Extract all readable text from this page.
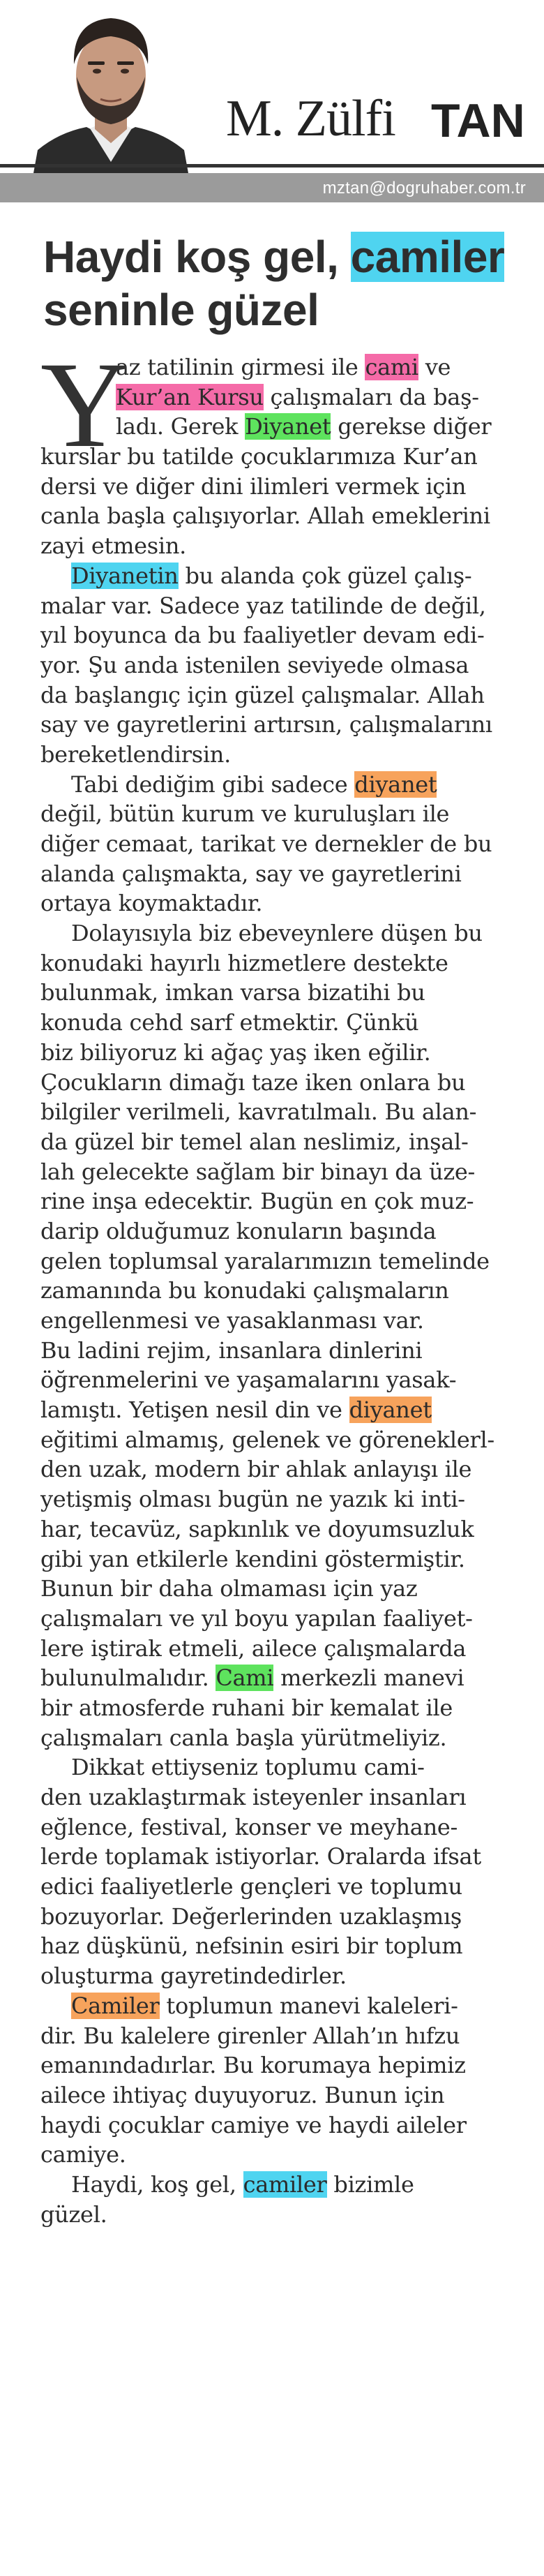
M. Zülfi TAN
mztan@dogruhaber.com.tr
Haydi koş gel, camiler
seninle güzel
Y
az tatilinin girmesi ile cami ve
Kur’an Kursu çalışmaları da baş-
ladı. Gerek Diyanet gerekse diğer
kurslar bu tatilde çocuklarımıza Kur’an
dersi ve diğer dini ilimleri vermek için
canla başla çalışıyorlar. Allah emeklerini
zayi etmesin.
Diyanetin bu alanda çok güzel çalış-
malar var. Sadece yaz tatilinde de değil,
yıl boyunca da bu faaliyetler devam edi-
yor. Şu anda istenilen seviyede olmasa
da başlangıç için güzel çalışmalar. Allah
say ve gayretlerini artırsın, çalışmalarını
bereketlendirsin.
Tabi dediğim gibi sadece diyanet
değil, bütün kurum ve kuruluşları ile
diğer cemaat, tarikat ve dernekler de bu
alanda çalışmakta, say ve gayretlerini
ortaya koymaktadır.
Dolayısıyla biz ebeveynlere düşen bu
konudaki hayırlı hizmetlere destekte
bulunmak, imkan varsa bizatihi bu
konuda cehd sarf etmektir. Çünkü
biz biliyoruz ki ağaç yaş iken eğilir.
Çocukların dimağı taze iken onlara bu
bilgiler verilmeli, kavratılmalı. Bu alan-
da güzel bir temel alan neslimiz, inşal-
lah gelecekte sağlam bir binayı da üze-
rine inşa edecektir. Bugün en çok muz-
darip olduğumuz konuların başında
gelen toplumsal yaralarımızın temelinde
zamanında bu konudaki çalışmaların
engellenmesi ve yasaklanması var.
Bu ladini rejim, insanlara dinlerini
öğrenmelerini ve yaşamalarını yasak-
lamıştı. Yetişen nesil din ve diyanet
eğitimi almamış, gelenek ve göreneklerl-
den uzak, modern bir ahlak anlayışı ile
yetişmiş olması bugün ne yazık ki inti-
har, tecavüz, sapkınlık ve doyumsuzluk
gibi yan etkilerle kendini göstermiştir.
Bunun bir daha olmaması için yaz
çalışmaları ve yıl boyu yapılan faaliyet-
lere iştirak etmeli, ailece çalışmalarda
bulunulmalıdır. Cami merkezli manevi
bir atmosferde ruhani bir kemalat ile
çalışmaları canla başla yürütmeliyiz.
Dikkat ettiyseniz toplumu cami-
den uzaklaştırmak isteyenler insanları
eğlence, festival, konser ve meyhane-
lerde toplamak istiyorlar. Oralarda ifsat
edici faaliyetlerle gençleri ve toplumu
bozuyorlar. Değerlerinden uzaklaşmış
haz düşkünü, nefsinin esiri bir toplum
oluşturma gayretindedirler.
Camiler toplumun manevi kaleleri-
dir. Bu kalelere girenler Allah’ın hıfzu
emanındadırlar. Bu korumaya hepimiz
ailece ihtiyaç duyuyoruz. Bunun için
haydi çocuklar camiye ve haydi aileler
camiye.
Haydi, koş gel, camiler bizimle
güzel.
